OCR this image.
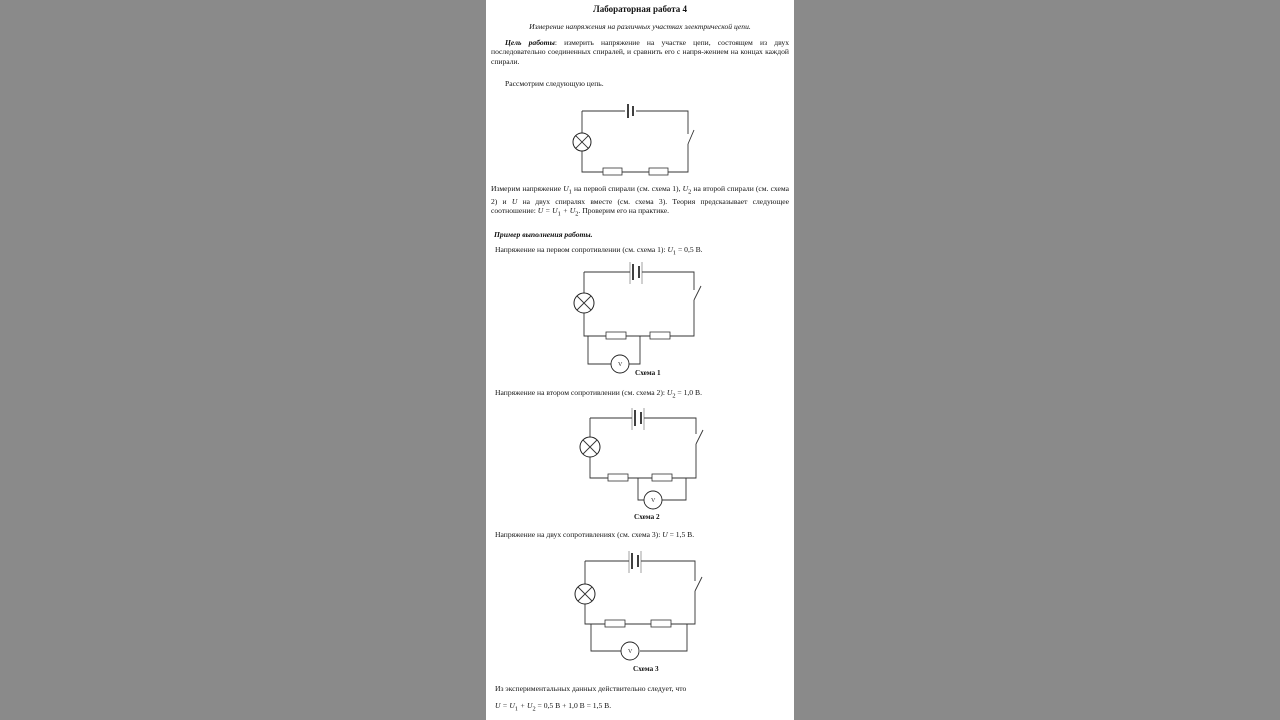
Лабораторная работа 4
Измерение напряжения на различных участках электрической цепи.
Цель работы: измерить напряжение на участке цепи, состоящем из двух последовательно соединенных спиралей, и сравнить его с напря-жением на концах каждой спирали.
Рассмотрим следующую цепь.
Измерим напряжение $U_1$ на первой спирали (см. схема 1), $U_2$ на второй спирали (см. схема 2) и U на двух спиралях вместе (см. схема 3). Теория предсказывает следующее соотношение: $U = U_1 + U_2$. Проверим его на практике.
Пример выполнения работы.
Напряжение на первом сопротивлении (см. схема 1): $U_1 = 0,5$ В.
V
Схема 1
Напряжение на втором сопротивлении (см. схема 2): $U_2 = 1,0$ В.
V
Схема 2
Напряжение на двух сопротивлениях (см. схема 3): U = 1,5 В.
V
Схема 3
Из экспериментальных данных действительно следует, что
$U = U_1 + U_2 = 0,5$ В + 1,0 В = 1,5 В.
